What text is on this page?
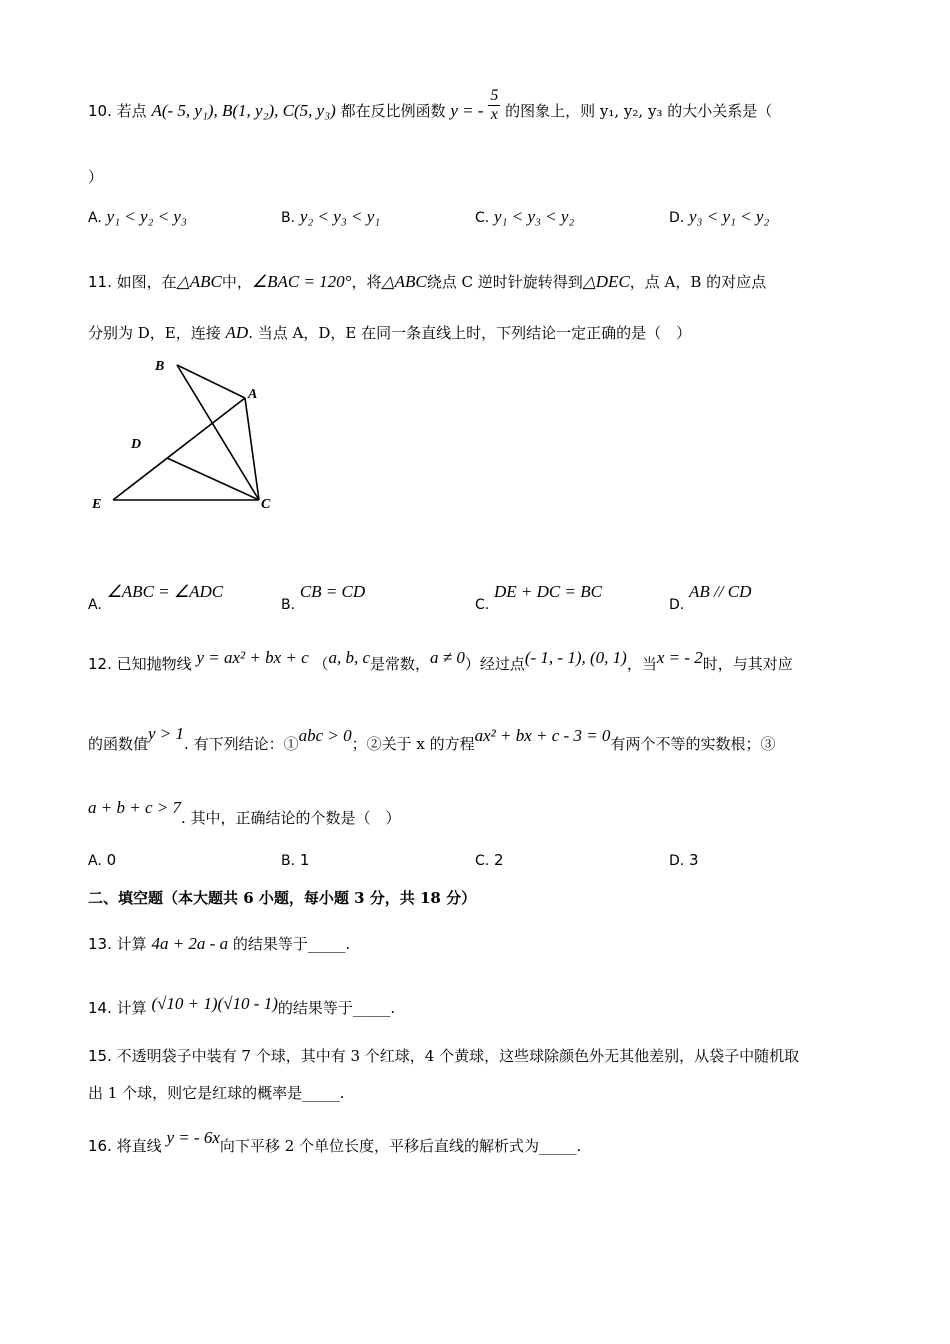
10. 若点 A(- 5, y₁), B(1, y₂), C(5, y₃) 都在反比例函数 y = - $\frac{5}{x}$ 的图象上，则 y₁, y₂, y₃ 的大小关系是（
）
A. y₁ < y₂ < y₃	B. y₂ < y₃ < y₁	C. y₁ < y₃ < y₂	D. y₃ < y₁ < y₂
11. 如图，在△ABC中，∠BAC = 120°，将△ABC绕点 C 逆时针旋转得到△DEC，点 A，B 的对应点
分别为 D，E，连接 AD. 当点 A，D，E 在同一条直线上时，下列结论一定正确的是（　）
B
A
D
E	C
A. ∠ABC = ∠ADC
B. CB = CD
C. DE + DC = BC
D. AB // CD
12. 已知抛物线 y = ax² + bx + c （a, b, c是常数，a ≠ 0）经过点(- 1, - 1), (0, 1)，当x = - 2时，与其对应
的函数值y > 1. 有下列结论：①abc > 0；②关于 x 的方程ax² + bx + c - 3 = 0有两个不等的实数根；③
a + b + c > 7. 其中，正确结论的个数是（　）
A. 0	B. 1	C. 2	D. 3
二、填空题（本大题共 6 小题，每小题 3 分，共 18 分）
13. 计算 4a + 2a - a 的结果等于_____.
14. 计算 (√10 + 1)(√10 - 1)的结果等于_____.
15. 不透明袋子中装有 7 个球，其中有 3 个红球，4 个黄球，这些球除颜色外无其他差别，从袋子中随机取
出 1 个球，则它是红球的概率是_____.
16. 将直线 y = - 6x向下平移 2 个单位长度，平移后直线的解析式为_____.
